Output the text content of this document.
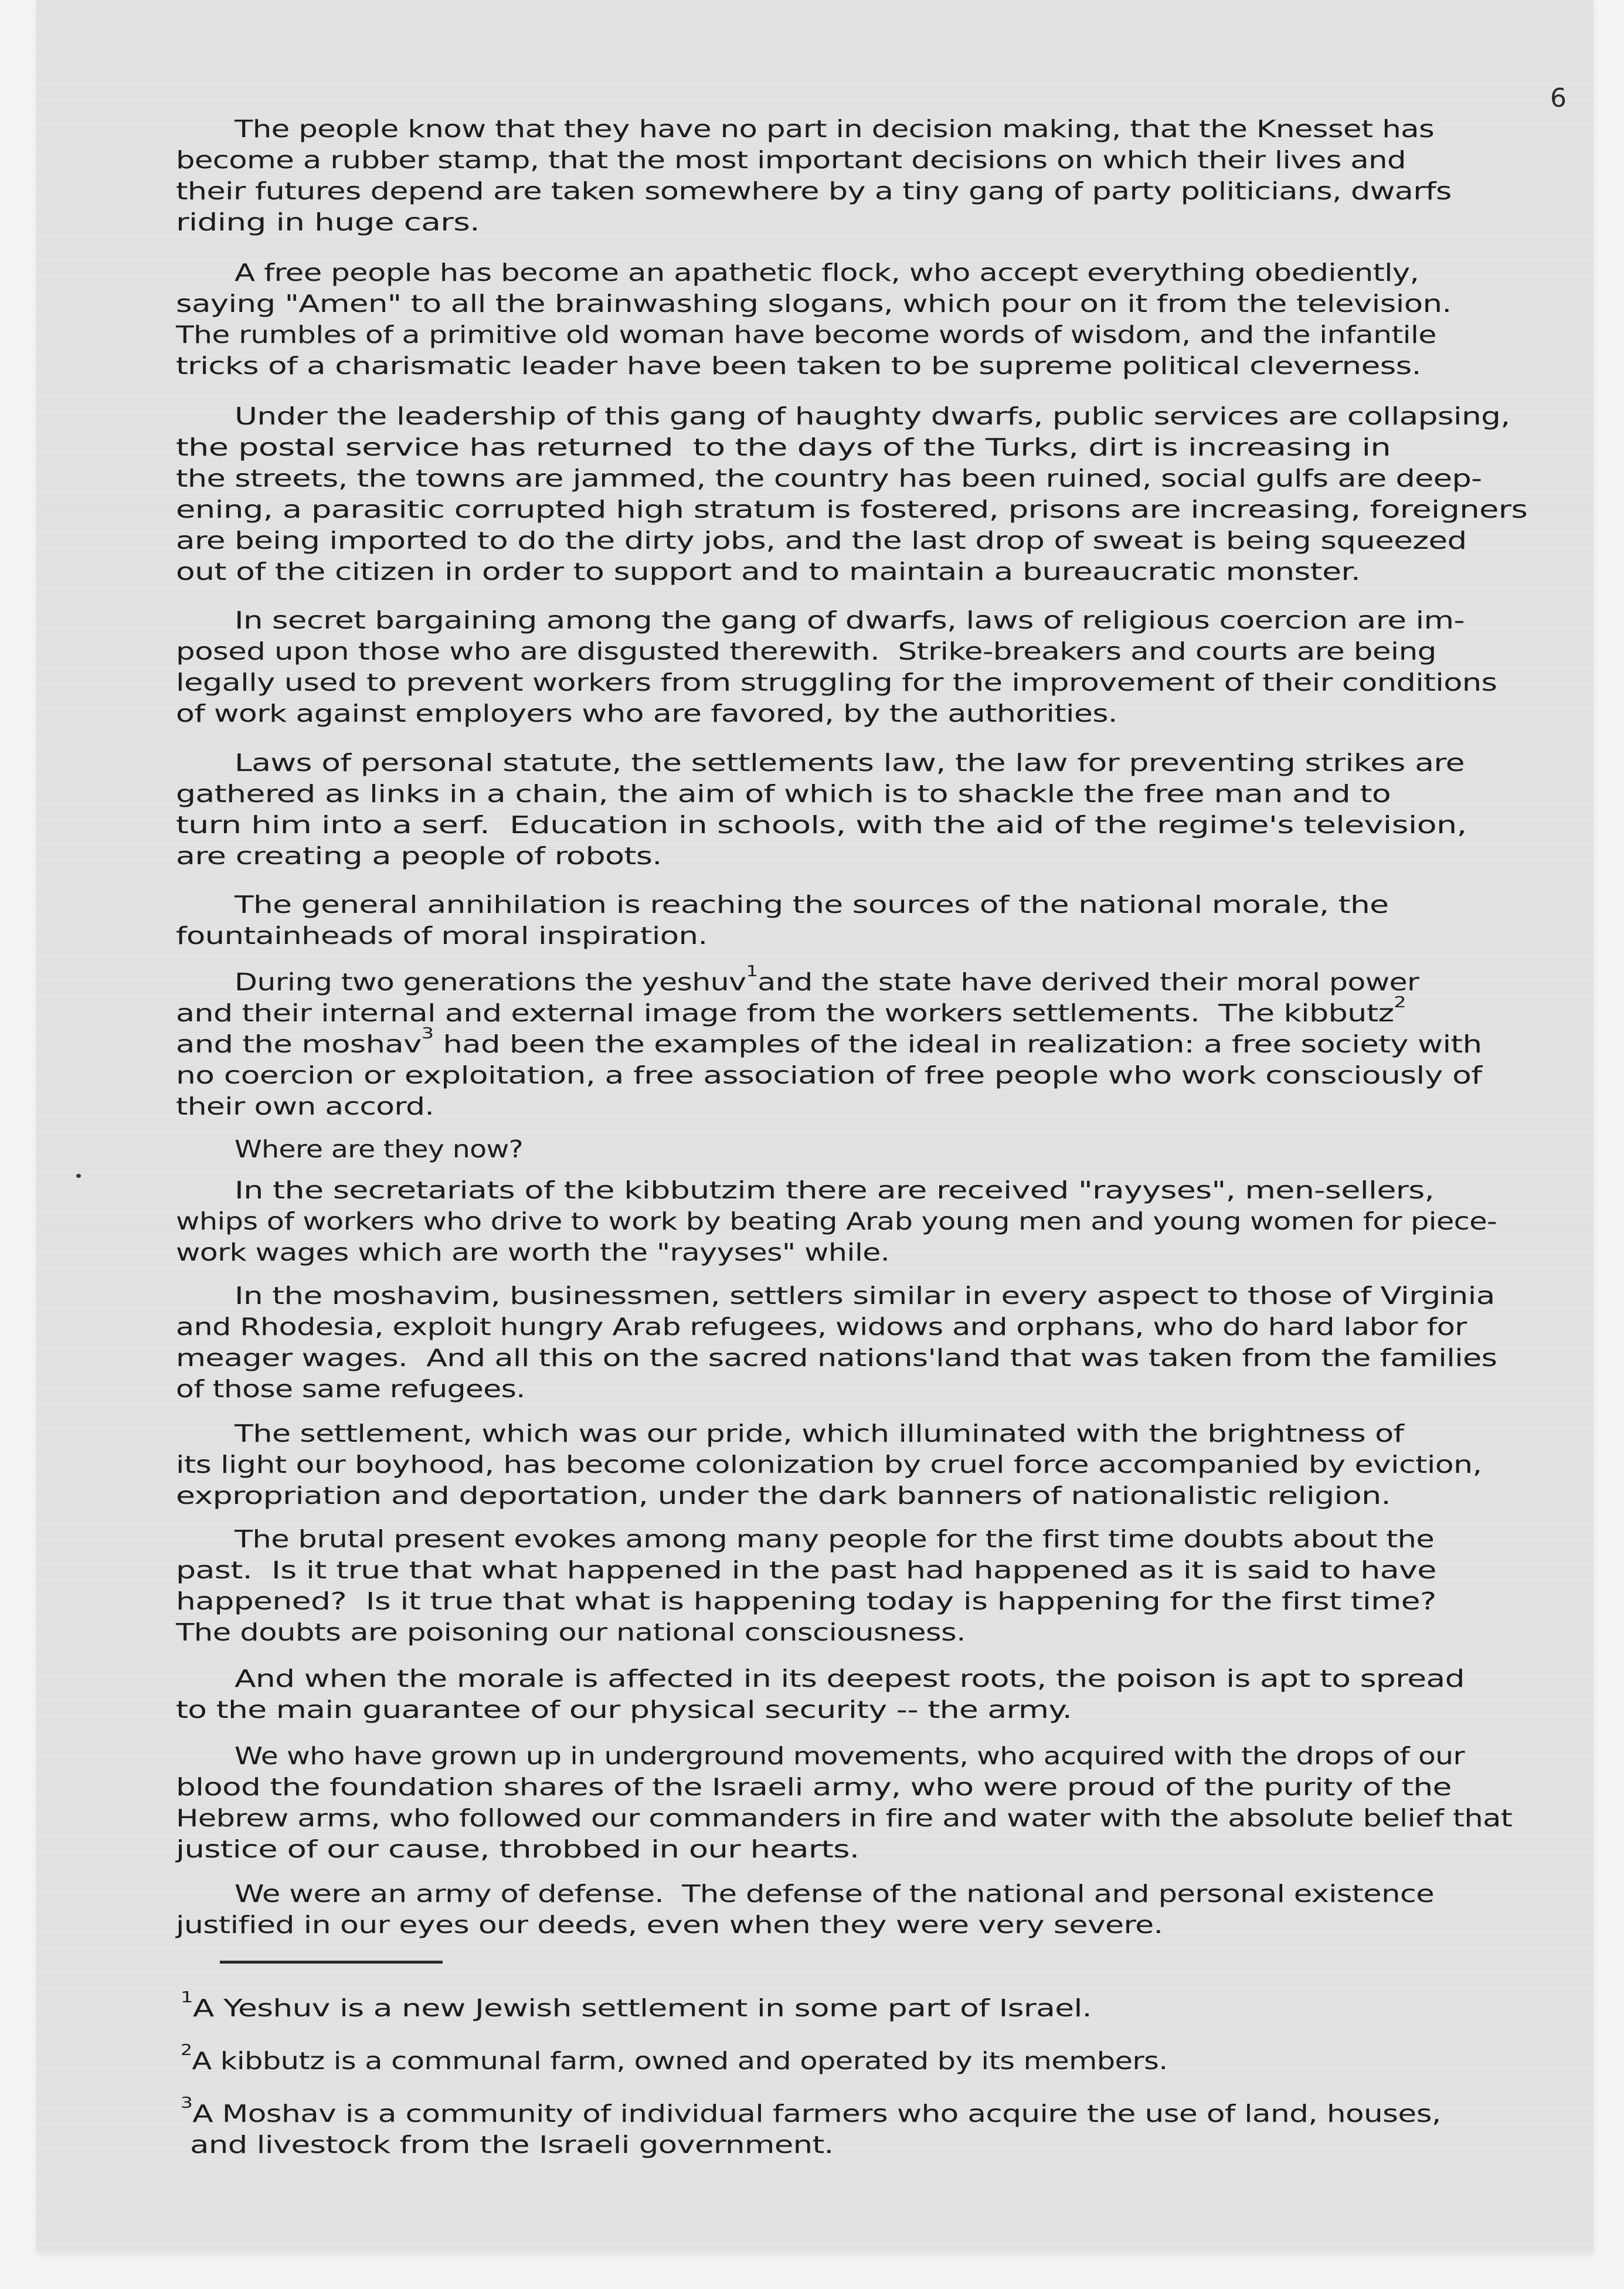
6
The people know that they have no part in decision making, that the Knesset has
become a rubber stamp, that the most important decisions on which their lives and
their futures depend are taken somewhere by a tiny gang of party politicians, dwarfs
riding in huge cars.
A free people has become an apathetic flock, who accept everything obediently,
saying "Amen" to all the brainwashing slogans, which pour on it from the television.
The rumbles of a primitive old woman have become words of wisdom, and the infantile
tricks of a charismatic leader have been taken to be supreme political cleverness.
Under the leadership of this gang of haughty dwarfs, public services are collapsing,
the postal service has returned  to the days of the Turks, dirt is increasing in
the streets, the towns are jammed, the country has been ruined, social gulfs are deep-
ening, a parasitic corrupted high stratum is fostered, prisons are increasing, foreigners
are being imported to do the dirty jobs, and the last drop of sweat is being squeezed
out of the citizen in order to support and to maintain a bureaucratic monster.
In secret bargaining among the gang of dwarfs, laws of religious coercion are im-
posed upon those who are disgusted therewith.  Strike-breakers and courts are being
legally used to prevent workers from struggling for the improvement of their conditions
of work against employers who are favored, by the authorities.
Laws of personal statute, the settlements law, the law for preventing strikes are
gathered as links in a chain, the aim of which is to shackle the free man and to
turn him into a serf.  Education in schools, with the aid of the regime's television,
are creating a people of robots.
The general annihilation is reaching the sources of the national morale, the
fountainheads of moral inspiration.
During two generations the yeshuv$^1$and the state have derived their moral power
and their internal and external image from the workers settlements.  The kibbutz$^2$
and the moshav$^3$ had been the examples of the ideal in realization: a free society with
no coercion or exploitation, a free association of free people who work consciously of
their own accord.
Where are they now?
In the secretariats of the kibbutzim there are received "rayyses", men-sellers,
whips of workers who drive to work by beating Arab young men and young women for piece-
work wages which are worth the "rayyses" while.
In the moshavim, businessmen, settlers similar in every aspect to those of Virginia
and Rhodesia, exploit hungry Arab refugees, widows and orphans, who do hard labor for
meager wages.  And all this on the sacred nations'land that was taken from the families
of those same refugees.
The settlement, which was our pride, which illuminated with the brightness of
its light our boyhood, has become colonization by cruel force accompanied by eviction,
expropriation and deportation, under the dark banners of nationalistic religion.
The brutal present evokes among many people for the first time doubts about the
past.  Is it true that what happened in the past had happened as it is said to have
happened?  Is it true that what is happening today is happening for the first time?
The doubts are poisoning our national consciousness.
And when the morale is affected in its deepest roots, the poison is apt to spread
to the main guarantee of our physical security -- the army.
We who have grown up in underground movements, who acquired with the drops of our
blood the foundation shares of the Israeli army, who were proud of the purity of the
Hebrew arms, who followed our commanders in fire and water with the absolute belief that
justice of our cause, throbbed in our hearts.
We were an army of defense.  The defense of the national and personal existence
justified in our eyes our deeds, even when they were very severe.
$^1$A Yeshuv is a new Jewish settlement in some part of Israel.
$^2$A kibbutz is a communal farm, owned and operated by its members.
$^3$A Moshav is a community of individual farmers who acquire the use of land, houses,
and livestock from the Israeli government.
